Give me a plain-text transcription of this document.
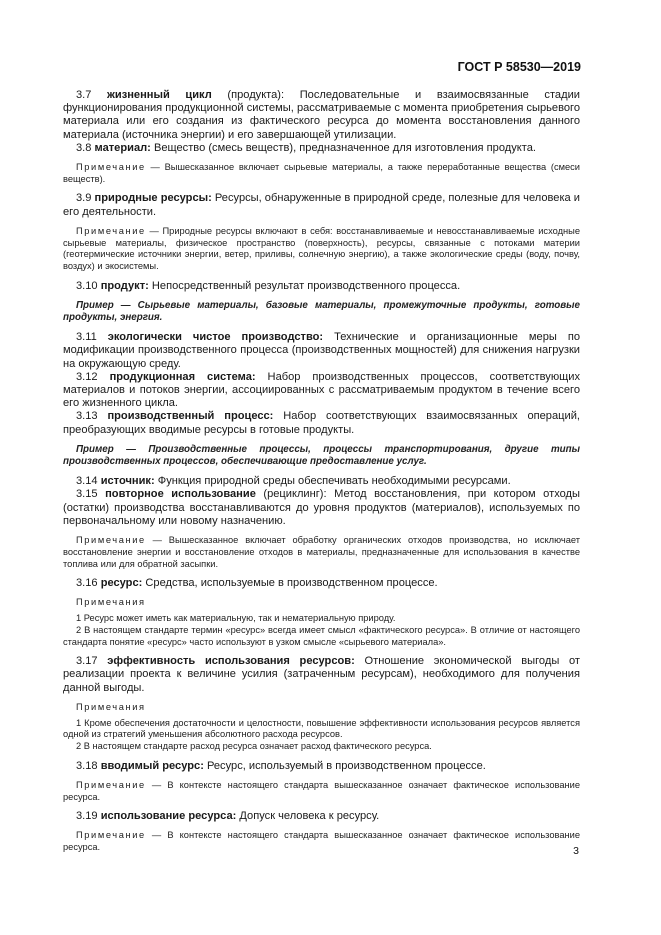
ГОСТ Р 58530—2019

3.7 жизненный цикл (продукта): Последовательные и взаимосвязанные стадии функционирования продукционной системы, рассматриваемые с момента приобретения сырьевого материала или его создания из фактического ресурса до момента восстановления данного материала (источника энергии) и его завершающей утилизации.

3.8 материал: Вещество (смесь веществ), предназначенное для изготовления продукта.

Примечание — Вышесказанное включает сырьевые материалы, а также переработанные вещества (смеси веществ).

3.9 природные ресурсы: Ресурсы, обнаруженные в природной среде, полезные для человека и его деятельности.

Примечание — Природные ресурсы включают в себя: восстанавливаемые и невосстанавливаемые исходные сырьевые материалы, физическое пространство (поверхность), ресурсы, связанные с потоками материи (геотермические источники энергии, ветер, приливы, солнечную энергию), а также экологические среды (воду, почву, воздух) и экосистемы.

3.10 продукт: Непосредственный результат производственного процесса.

Пример — Сырьевые материалы, базовые материалы, промежуточные продукты, готовые продукты, энергия.

3.11 экологически чистое производство: Технические и организационные меры по модификации производственного процесса (производственных мощностей) для снижения нагрузки на окружающую среду.

3.12 продукционная система: Набор производственных процессов, соответствующих материалов и потоков энергии, ассоциированных с рассматриваемым продуктом в течение всего его жизненного цикла.

3.13 производственный процесс: Набор соответствующих взаимосвязанных операций, преобразующих вводимые ресурсы в готовые продукты.

Пример — Производственные процессы, процессы транспортирования, другие типы производственных процессов, обеспечивающие предоставление услуг.

3.14 источник: Функция природной среды обеспечивать необходимыми ресурсами.

3.15 повторное использование (рециклинг): Метод восстановления, при котором отходы (остатки) производства восстанавливаются до уровня продуктов (материалов), используемых по первоначальному или новому назначению.

Примечание — Вышесказанное включает обработку органических отходов производства, но исключает восстановление энергии и восстановление отходов в материалы, предназначенные для использования в качестве топлива или для обратной засыпки.

3.16 ресурс: Средства, используемые в производственном процессе.

Примечания

1 Ресурс может иметь как материальную, так и нематериальную природу.

2 В настоящем стандарте термин «ресурс» всегда имеет смысл «фактического ресурса». В отличие от настоящего стандарта понятие «ресурс» часто используют в узком смысле «сырьевого материала».

3.17 эффективность использования ресурсов: Отношение экономической выгоды от реализации проекта к величине усилия (затраченным ресурсам), необходимого для получения данной выгоды.

Примечания

1 Кроме обеспечения достаточности и целостности, повышение эффективности использования ресурсов является одной из стратегий уменьшения абсолютного расхода ресурсов.

2 В настоящем стандарте расход ресурса означает расход фактического ресурса.

3.18 вводимый ресурс: Ресурс, используемый в производственном процессе.

Примечание — В контексте настоящего стандарта вышесказанное означает фактическое использование ресурса.

3.19 использование ресурса: Допуск человека к ресурсу.

Примечание — В контексте настоящего стандарта вышесказанное означает фактическое использование ресурса.	3
